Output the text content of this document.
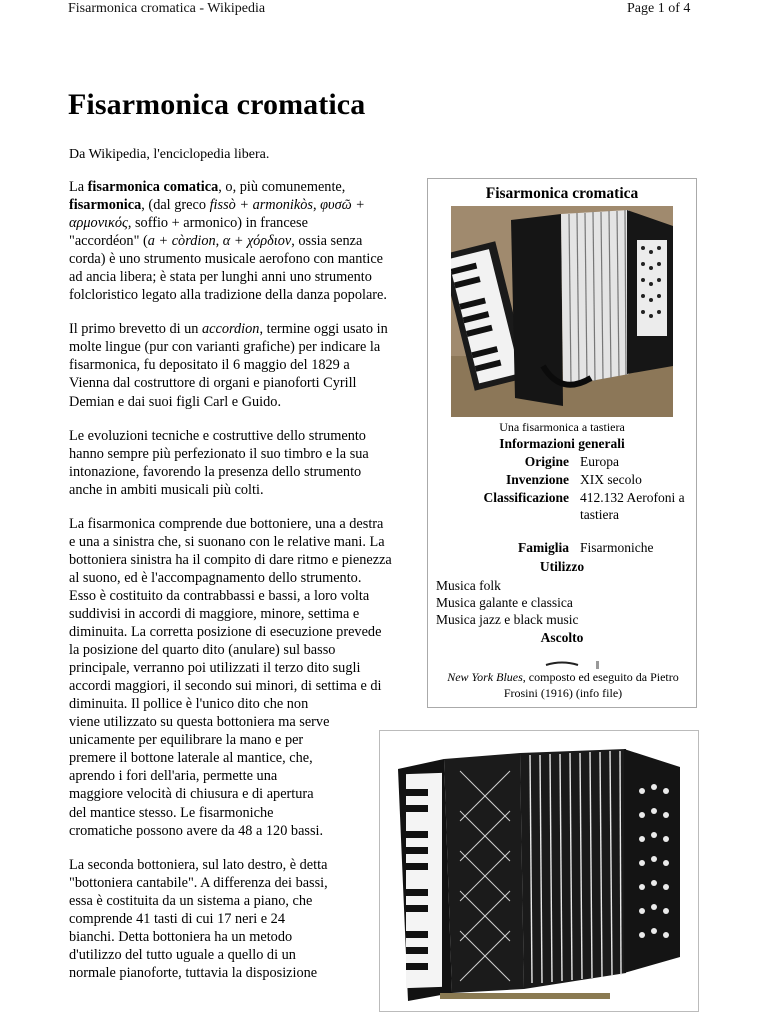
Fisarmonica cromatica - Wikipedia	Page 1 of 4
Fisarmonica cromatica
Da Wikipedia, l'enciclopedia libera.
La fisarmonica comatica, o, più comunemente,
fisarmonica, (dal greco fissò + armonikòs, φυσῶ +
αρμονικός, soffio + armonico) in francese
"accordéon" (a + còrdion, α + χόρδιον, ossia senza
corda) è uno strumento musicale aerofono con mantice
ad ancia libera; è stata per lunghi anni uno strumento
folcloristico legato alla tradizione della danza popolare.
Il primo brevetto di un accordion, termine oggi usato in
molte lingue (pur con varianti grafiche) per indicare la
fisarmonica, fu depositato il 6 maggio del 1829 a
Vienna dal costruttore di organi e pianoforti Cyrill
Demian e dai suoi figli Carl e Guido.
Le evoluzioni tecniche e costruttive dello strumento
hanno sempre più perfezionato il suo timbro e la sua
intonazione, favorendo la presenza dello strumento
anche in ambiti musicali più colti.
La fisarmonica comprende due bottoniere, una a destra
e una a sinistra che, si suonano con le relative mani. La
bottoniera sinistra ha il compito di dare ritmo e pienezza
al suono, ed è l'accompagnamento dello strumento.
Esso è costituito da contrabbassi e bassi, a loro volta
suddivisi in accordi di maggiore, minore, settima e
diminuita. La corretta posizione di esecuzione prevede
la posizione del quarto dito (anulare) sul basso
principale, verranno poi utilizzati il terzo dito sugli
accordi maggiori, il secondo sui minori, di settima e di
diminuita. Il pollice è l'unico dito che non
viene utilizzato su questa bottoniera ma serve
unicamente per equilibrare la mano e per
premere il bottone laterale al mantice, che,
aprendo i fori dell'aria, permette una
maggiore velocità di chiusura e di apertura
del mantice stesso. Le fisarmoniche
cromatiche possono avere da 48 a 120 bassi.
La seconda bottoniera, sul lato destro, è detta
"bottoniera cantabile". A differenza dei bassi,
essa è costituita da un sistema a piano, che
comprende 41 tasti di cui 17 neri e 24
bianchi. Detta bottoniera ha un metodo
d'utilizzo del tutto uguale a quello di un
normale pianoforte, tuttavia la disposizione
Fisarmonica cromatica
Una fisarmonica a tastiera
Informazioni generali
Origine Europa
Invenzione XIX secolo
Classificazione 412.132 Aerofoni a tastiera
Famiglia Fisarmoniche
Utilizzo
Musica folk
Musica galante e classica
Musica jazz e black music
Ascolto
New York Blues, composto ed eseguito da Pietro Frosini (1916) (info file)
